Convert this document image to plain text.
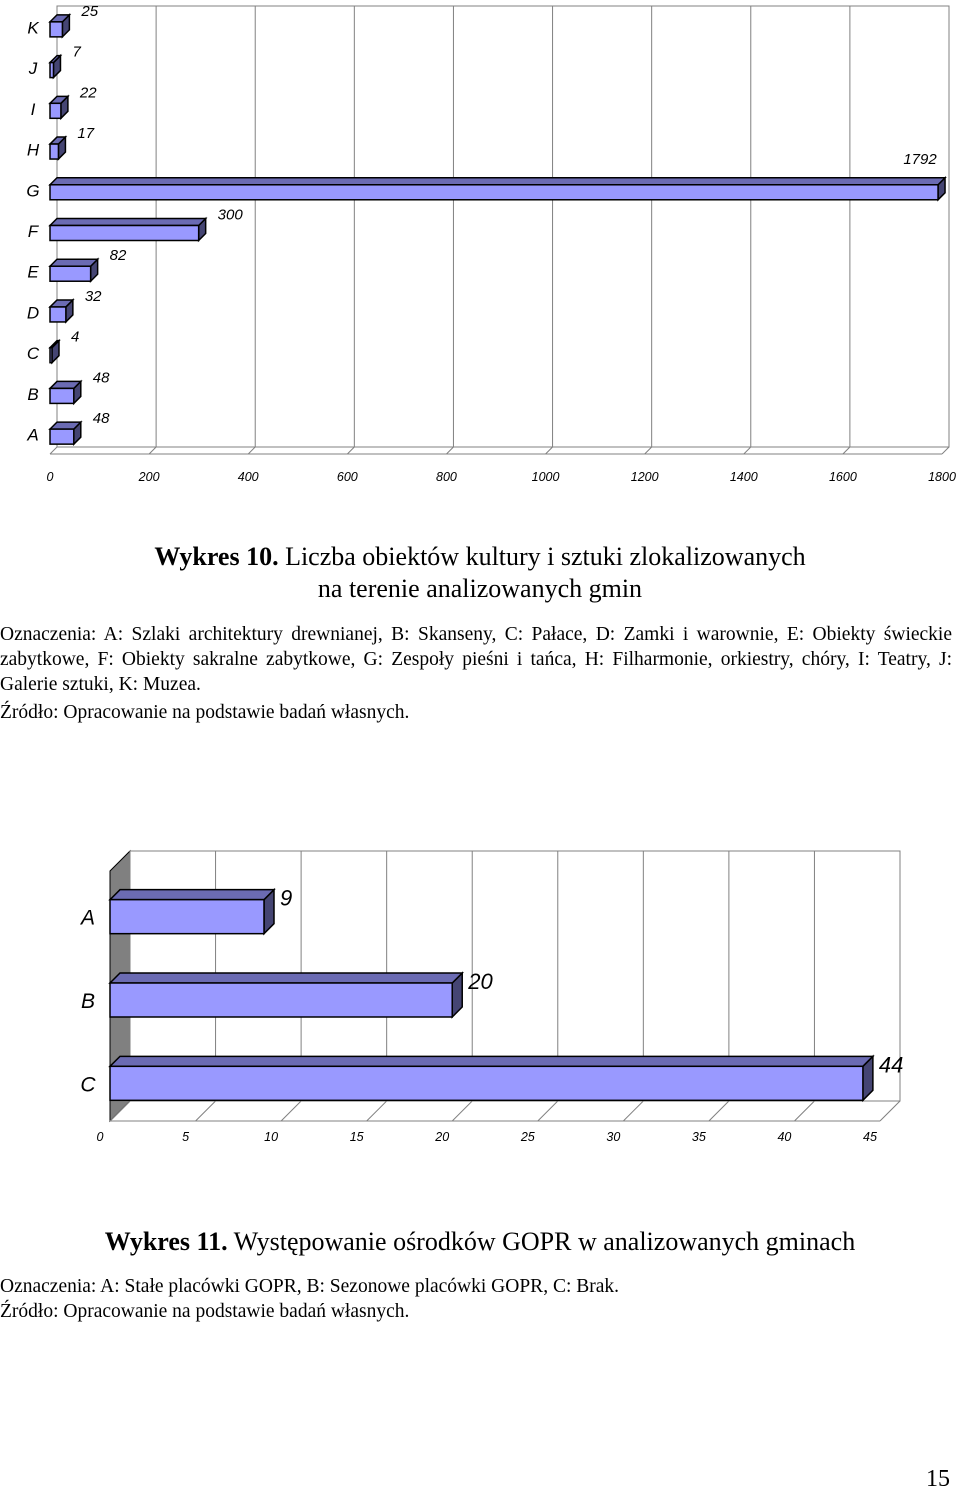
A
B
C
D
E
F
G
H
I
J
K
48
48
4
32
82
300
1792
17
22
7
25
0	200	400	600	800	1000	1200	1400	1600	1800
Wykres 10. Liczba obiektów kultury i sztuki zlokalizowanych
na terenie analizowanych gmin
Oznaczenia: A: Szlaki architektury drewnianej, B: Skanseny, C: Pałace, D: Zamki i warownie, E: Obiekty świeckie zabytkowe, F: Obiekty sakralne zabytkowe, G: Zespoły pieśni i tańca, H: Filharmonie, orkiestry, chóry, I: Teatry, J: Galerie sztuki, K: Muzea.
Źródło: Opracowanie na podstawie badań własnych.
A
B
C
9
20
44
0	5	10	15	20	25	30	35	40	45
Wykres 11. Występowanie ośrodków GOPR w analizowanych gminach
Oznaczenia: A: Stałe placówki GOPR, B: Sezonowe placówki GOPR, C: Brak.
Źródło: Opracowanie na podstawie badań własnych.
15
